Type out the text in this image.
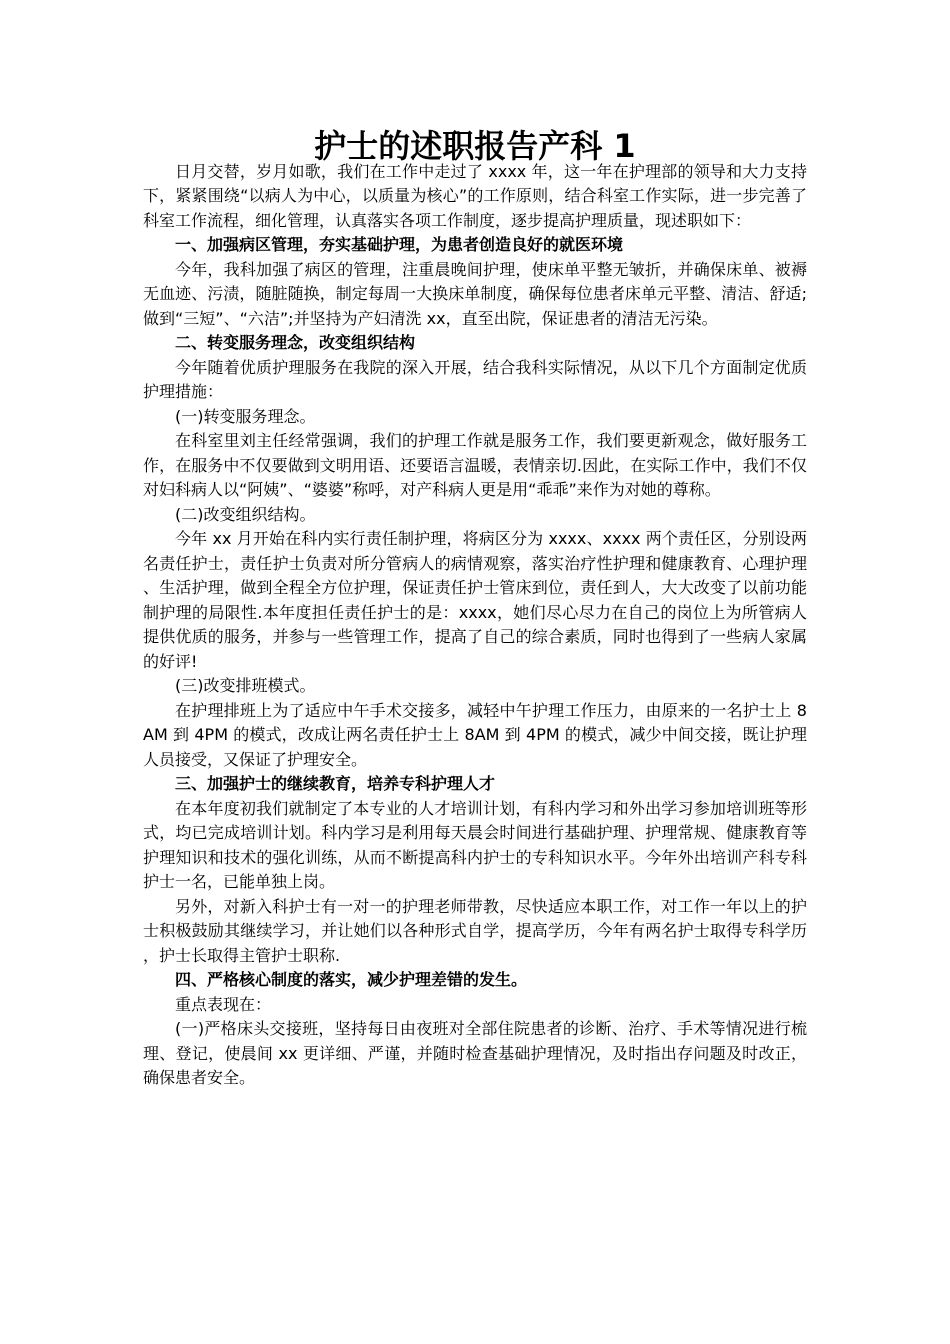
护士的述职报告产科 1

日月交替，岁月如歌，我们在工作中走过了 xxxx 年，这一年在护理部的领导和大力支持下，紧紧围绕“以病人为中心，以质量为核心”的工作原则，结合科室工作实际，进一步完善了科室工作流程，细化管理，认真落实各项工作制度，逐步提高护理质量，现述职如下：

一、加强病区管理，夯实基础护理，为患者创造良好的就医环境

今年，我科加强了病区的管理，注重晨晚间护理，使床单平整无皱折，并确保床单、被褥无血迹、污渍，随脏随换，制定每周一大换床单制度，确保每位患者床单元平整、清洁、舒适;做到“三短”、“六洁”;并坚持为产妇清洗 xx，直至出院，保证患者的清洁无污染。

二、转变服务理念，改变组织结构

今年随着优质护理服务在我院的深入开展，结合我科实际情况，从以下几个方面制定优质护理措施：

(一)转变服务理念。

在科室里刘主任经常强调，我们的护理工作就是服务工作，我们要更新观念，做好服务工作，在服务中不仅要做到文明用语、还要语言温暖，表情亲切.因此，在实际工作中，我们不仅对妇科病人以“阿姨”、“婆婆”称呼，对产科病人更是用“乖乖”来作为对她的尊称。

(二)改变组织结构。

今年 xx 月开始在科内实行责任制护理，将病区分为 xxxx、xxxx 两个责任区，分别设两名责任护士，责任护士负责对所分管病人的病情观察，落实治疗性护理和健康教育、心理护理、生活护理，做到全程全方位护理，保证责任护士管床到位，责任到人，大大改变了以前功能制护理的局限性.本年度担任责任护士的是：xxxx，她们尽心尽力在自己的岗位上为所管病人提供优质的服务，并参与一些管理工作，提高了自己的综合素质，同时也得到了一些病人家属的好评!

(三)改变排班模式。

在护理排班上为了适应中午手术交接多，减轻中午护理工作压力，由原来的一名护士上 8AM 到 4PM 的模式，改成让两名责任护士上 8AM 到 4PM 的模式，减少中间交接，既让护理人员接受，又保证了护理安全。

三、加强护士的继续教育，培养专科护理人才

在本年度初我们就制定了本专业的人才培训计划，有科内学习和外出学习参加培训班等形式，均已完成培训计划。科内学习是利用每天晨会时间进行基础护理、护理常规、健康教育等护理知识和技术的强化训练，从而不断提高科内护士的专科知识水平。今年外出培训产科专科护士一名，已能单独上岗。

另外，对新入科护士有一对一的护理老师带教，尽快适应本职工作，对工作一年以上的护士积极鼓励其继续学习，并让她们以各种形式自学，提高学历，今年有两名护士取得专科学历，护士长取得主管护士职称.

四、严格核心制度的落实，减少护理差错的发生。

重点表现在：

(一)严格床头交接班，坚持每日由夜班对全部住院患者的诊断、治疗、手术等情况进行梳理、登记，使晨间 xx 更详细、严谨，并随时检查基础护理情况，及时指出存问题及时改正，确保患者安全。
